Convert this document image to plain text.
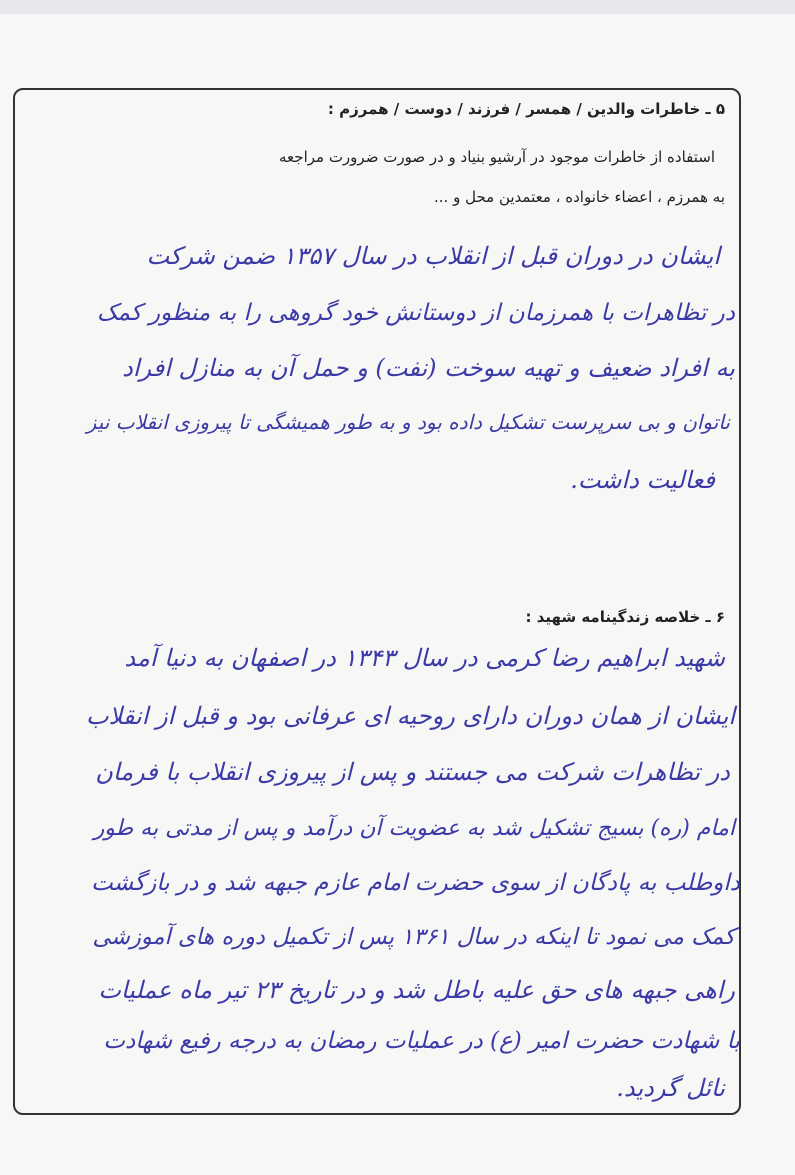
۵ ـ خاطرات والدین / همسر / فرزند / دوست / همرزم :
استفاده از خاطرات موجود در آرشیو بنیاد و در صورت ضرورت مراجعه
به همرزم ، اعضاء خانواده ، معتمدین محل و ...
ایشان در دوران قبل از انقلاب در سال ۱۳۵۷ ضمن شرکت
در تظاهرات با همرزمان از دوستانش خود گروهی را به منظور کمک
به افراد ضعیف و تهیه سوخت (نفت) و حمل آن به منازل افراد
ناتوان و بی سرپرست تشکیل داده بود و به طور همیشگی تا پیروزی انقلاب نیز
فعالیت داشت.
۶ ـ خلاصه زندگینامه شهید :
شهید ابراهیم رضا کرمی در سال ۱۳۴۳ در اصفهان به دنیا آمد
ایشان از همان دوران دارای روحیه ای عرفانی بود و قبل از انقلاب
در تظاهرات شرکت می جستند و پس از پیروزی انقلاب با فرمان
امام (ره) بسیج تشکیل شد به عضویت آن درآمد و پس از مدتی به طور
داوطلب به پادگان از سوی حضرت امام عازم جبهه شد و در بازگشت
کمک می نمود تا اینکه در سال ۱۳۶۱ پس از تکمیل دوره های آموزشی
راهی جبهه های حق علیه باطل شد و در تاریخ ۲۳ تیر ماه عملیات
با شهادت حضرت امیر (ع) در عملیات رمضان به درجه رفیع شهادت
نائل گردید.
